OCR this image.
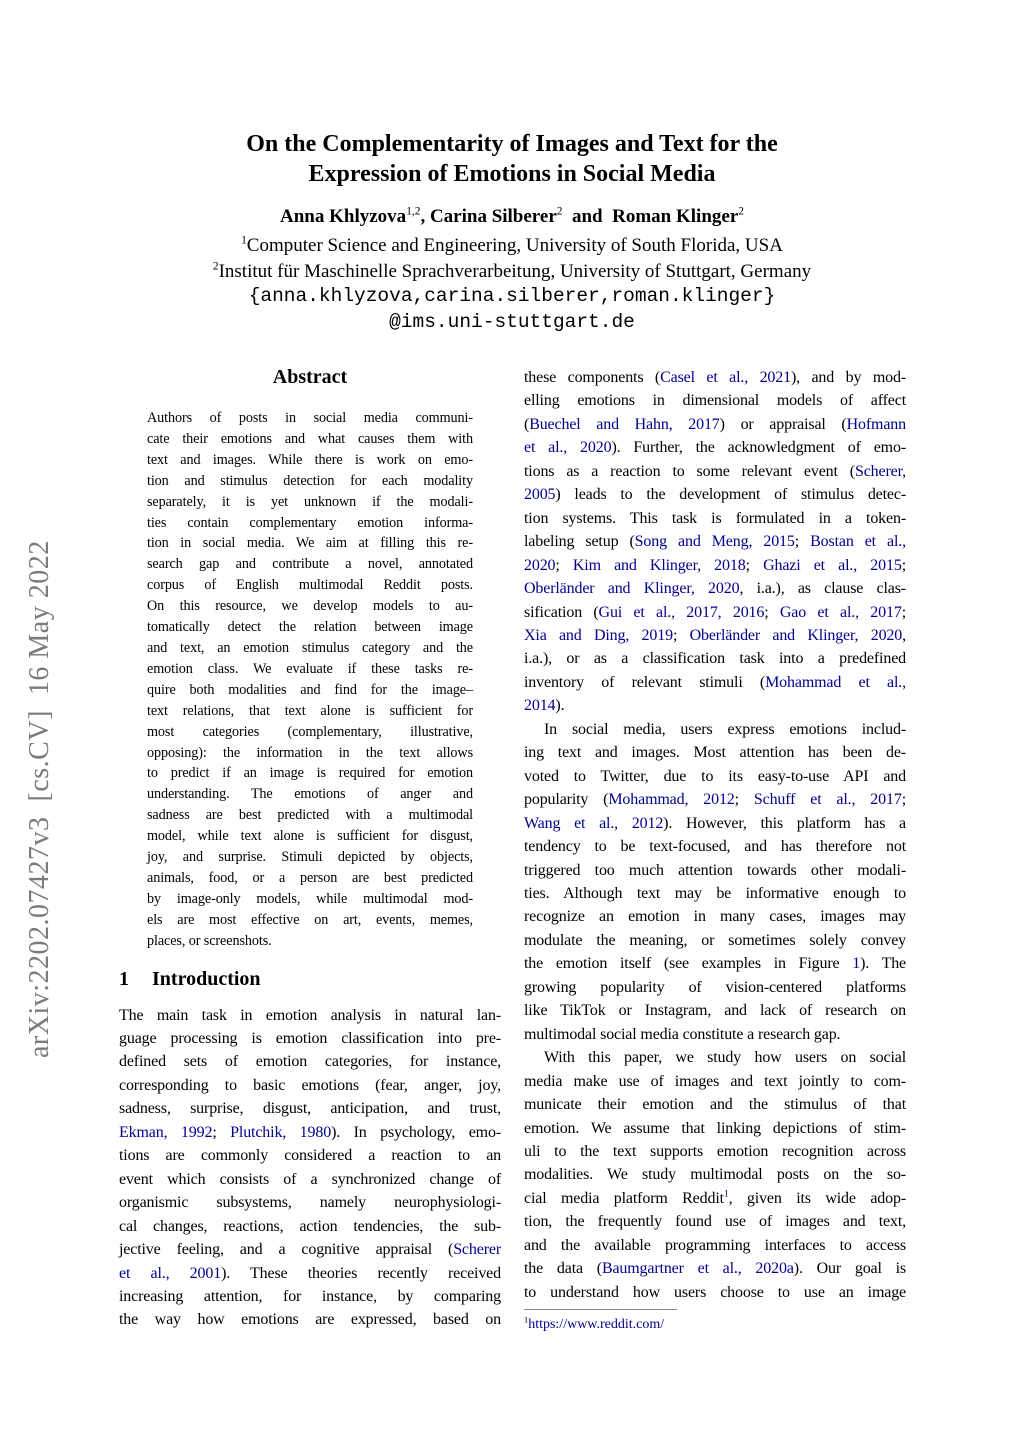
arXiv:2202.07427v3  [cs.CV]  16 May 2022
On the Complementarity of Images and Text for the
Expression of Emotions in Social Media
Anna Khlyzova$^{1,2}$, Carina Silberer$^2$ and Roman Klinger$^2$
$^1$Computer Science and Engineering, University of South Florida, USA
$^2$Institut für Maschinelle Sprachverarbeitung, University of Stuttgart, Germany
{anna.khlyzova,carina.silberer,roman.klinger}
@ims.uni-stuttgart.de
Abstract
Authors of posts in social media communi-
cate their emotions and what causes them with
text and images. While there is work on emo-
tion and stimulus detection for each modality
separately, it is yet unknown if the modali-
ties contain complementary emotion informa-
tion in social media. We aim at filling this re-
search gap and contribute a novel, annotated
corpus of English multimodal Reddit posts.
On this resource, we develop models to au-
tomatically detect the relation between image
and text, an emotion stimulus category and the
emotion class. We evaluate if these tasks re-
quire both modalities and find for the image–
text relations, that text alone is sufficient for
most categories (complementary, illustrative,
opposing): the information in the text allows
to predict if an image is required for emotion
understanding. The emotions of anger and
sadness are best predicted with a multimodal
model, while text alone is sufficient for disgust,
joy, and surprise. Stimuli depicted by objects,
animals, food, or a person are best predicted
by image-only models, while multimodal mod-
els are most effective on art, events, memes,
places, or screenshots.
1 Introduction
The main task in emotion analysis in natural lan-
guage processing is emotion classification into pre-
defined sets of emotion categories, for instance,
corresponding to basic emotions (fear, anger, joy,
sadness, surprise, disgust, anticipation, and trust,
Ekman, 1992; Plutchik, 1980). In psychology, emo-
tions are commonly considered a reaction to an
event which consists of a synchronized change of
organismic subsystems, namely neurophysiologi-
cal changes, reactions, action tendencies, the sub-
jective feeling, and a cognitive appraisal (Scherer
et al., 2001). These theories recently received
increasing attention, for instance, by comparing
the way how emotions are expressed, based on
these components (Casel et al., 2021), and by mod-
elling emotions in dimensional models of affect
(Buechel and Hahn, 2017) or appraisal (Hofmann
et al., 2020). Further, the acknowledgment of emo-
tions as a reaction to some relevant event (Scherer,
2005) leads to the development of stimulus detec-
tion systems. This task is formulated in a token-
labeling setup (Song and Meng, 2015; Bostan et al.,
2020; Kim and Klinger, 2018; Ghazi et al., 2015;
Oberländer and Klinger, 2020, i.a.), as clause clas-
sification (Gui et al., 2017, 2016; Gao et al., 2017;
Xia and Ding, 2019; Oberländer and Klinger, 2020,
i.a.), or as a classification task into a predefined
inventory of relevant stimuli (Mohammad et al.,
2014).
In social media, users express emotions includ-
ing text and images. Most attention has been de-
voted to Twitter, due to its easy-to-use API and
popularity (Mohammad, 2012; Schuff et al., 2017;
Wang et al., 2012). However, this platform has a
tendency to be text-focused, and has therefore not
triggered too much attention towards other modali-
ties. Although text may be informative enough to
recognize an emotion in many cases, images may
modulate the meaning, or sometimes solely convey
the emotion itself (see examples in Figure 1). The
growing popularity of vision-centered platforms
like TikTok or Instagram, and lack of research on
multimodal social media constitute a research gap.
With this paper, we study how users on social
media make use of images and text jointly to com-
municate their emotion and the stimulus of that
emotion. We assume that linking depictions of stim-
uli to the text supports emotion recognition across
modalities. We study multimodal posts on the so-
cial media platform Reddit$^1$, given its wide adop-
tion, the frequently found use of images and text,
and the available programming interfaces to access
the data (Baumgartner et al., 2020a). Our goal is
to understand how users choose to use an image
$^1$https://www.reddit.com/
